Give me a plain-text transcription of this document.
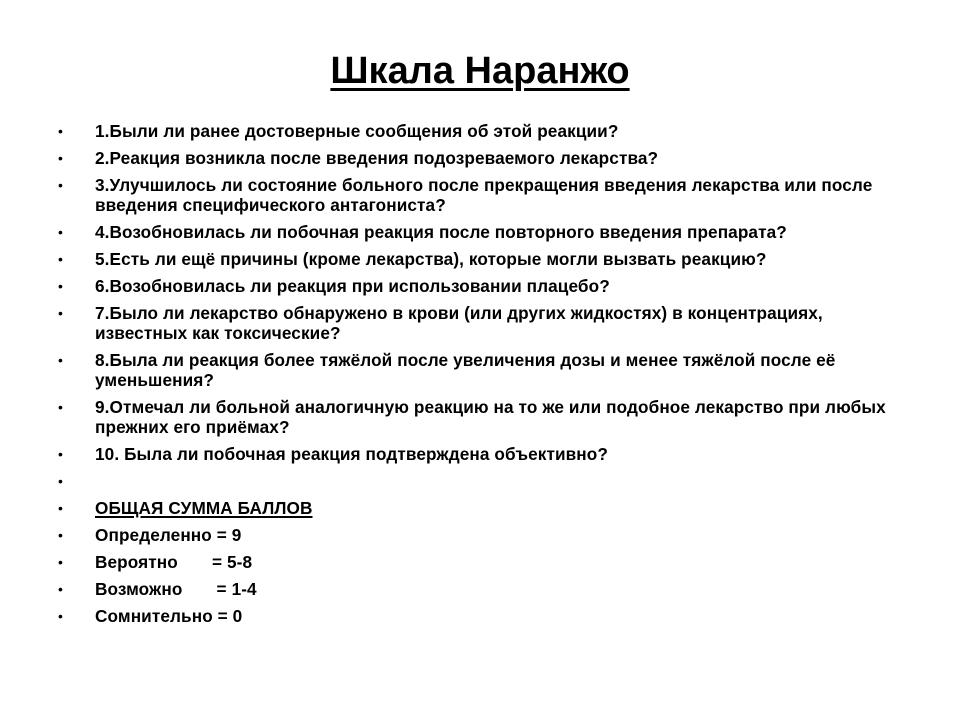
Шкала Наранжо
•	1.Были ли ранее достоверные сообщения об этой реакции?
•	2.Реакция возникла после введения подозреваемого лекарства?
•	3.Улучшилось ли состояние больного после прекращения введения лекарства или после введения специфического антагониста?
•	4.Возобновилась ли побочная реакция после повторного введения препарата?
•	5.Есть ли ещё причины (кроме лекарства), которые могли вызвать реакцию?
•	6.Возобновилась ли реакция при использовании плацебо?
•	7.Было ли лекарство обнаружено в крови (или других жидкостях) в концентрациях, известных как токсические?
•	8.Была ли реакция более тяжёлой после увеличения дозы и менее тяжёлой после её уменьшения?
•	9.Отмечал ли больной аналогичную реакцию на то же или подобное лекарство при любых прежних его приёмах?
•	10. Была ли побочная реакция подтверждена объективно?
•
•	ОБЩАЯ СУММА БАЛЛОВ
•	Определенно = 9
•	Вероятно       = 5-8
•	Возможно       = 1-4
•	Сомнительно = 0
